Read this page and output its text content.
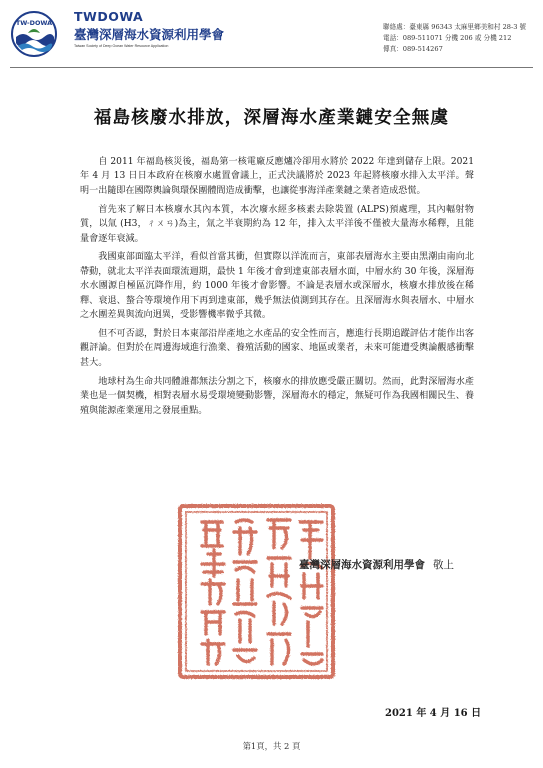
TW-DOWA TWDOWA
臺灣深層海水資源利用學會
Taiwan Society of Deep Ocean Water Resource Application
聯絡處：臺東縣 96343 太麻里鄉美和村 28-3 號
電話：089-511071 分機 206 或 分機 212
傳真：089-514267
福島核廢水排放，深層海水產業鏈安全無虞

自 2011 年福島核災後，福島第一核電廠反應爐冷卻用水將於 2022 年達到儲存上限。2021 年 4 月 13 日日本政府在核廢水處置會議上，正式決議將於 2023 年起將核廢水排入太平洋。聲明一出隨即在國際輿論與環保團體間造成衝擊，也讓從事海洋產業鏈之業者造成恐慌。

首先來了解日本核廢水其內本質，本次廢水經多核素去除裝置 (ALPS)預處理，其內輻射物質，以氚 (H3，ㄔㄨㄢ)為主，氚之半衰期約為 12 年，排入太平洋後不僅被大量海水稀釋，且能量會逐年衰減。

我國東部面臨太平洋，看似首當其衝，但實際以洋流而言，東部表層海水主要由黑潮由南向北帶動，就北太平洋表面環流週期，最快 1 年後才會到達東部表層水面，中層水約 30 年後，深層海水水團源自極區沉降作用，約 1000 年後才會影響。不論是表層水或深層水，核廢水排放後在稀釋、衰退、螯合等環境作用下再到達東部，幾乎無法偵測到其存在。且深層海水與表層水、中層水之水團差異與流向迥異，受影響機率微乎其微。

但不可否認，對於日本東部沿岸產地之水產品的安全性而言，應進行長期追蹤評估才能作出客觀評論。但對於在周邊海域進行漁業、養殖活動的國家、地區或業者，未來可能遭受輿論觀感衝擊甚大。

地球村為生命共同體誰都無法分割之下，核廢水的排放應受嚴正關切。然而，此對深層海水產業也是一個契機，相對表層水易受環境變動影響，深層海水的穩定，無疑可作為我國相關民生、養殖與能源產業運用之發展重點。

臺灣深層海水資源利用學會 敬上
2021 年 4 月 16 日
第1頁，共 2 頁
